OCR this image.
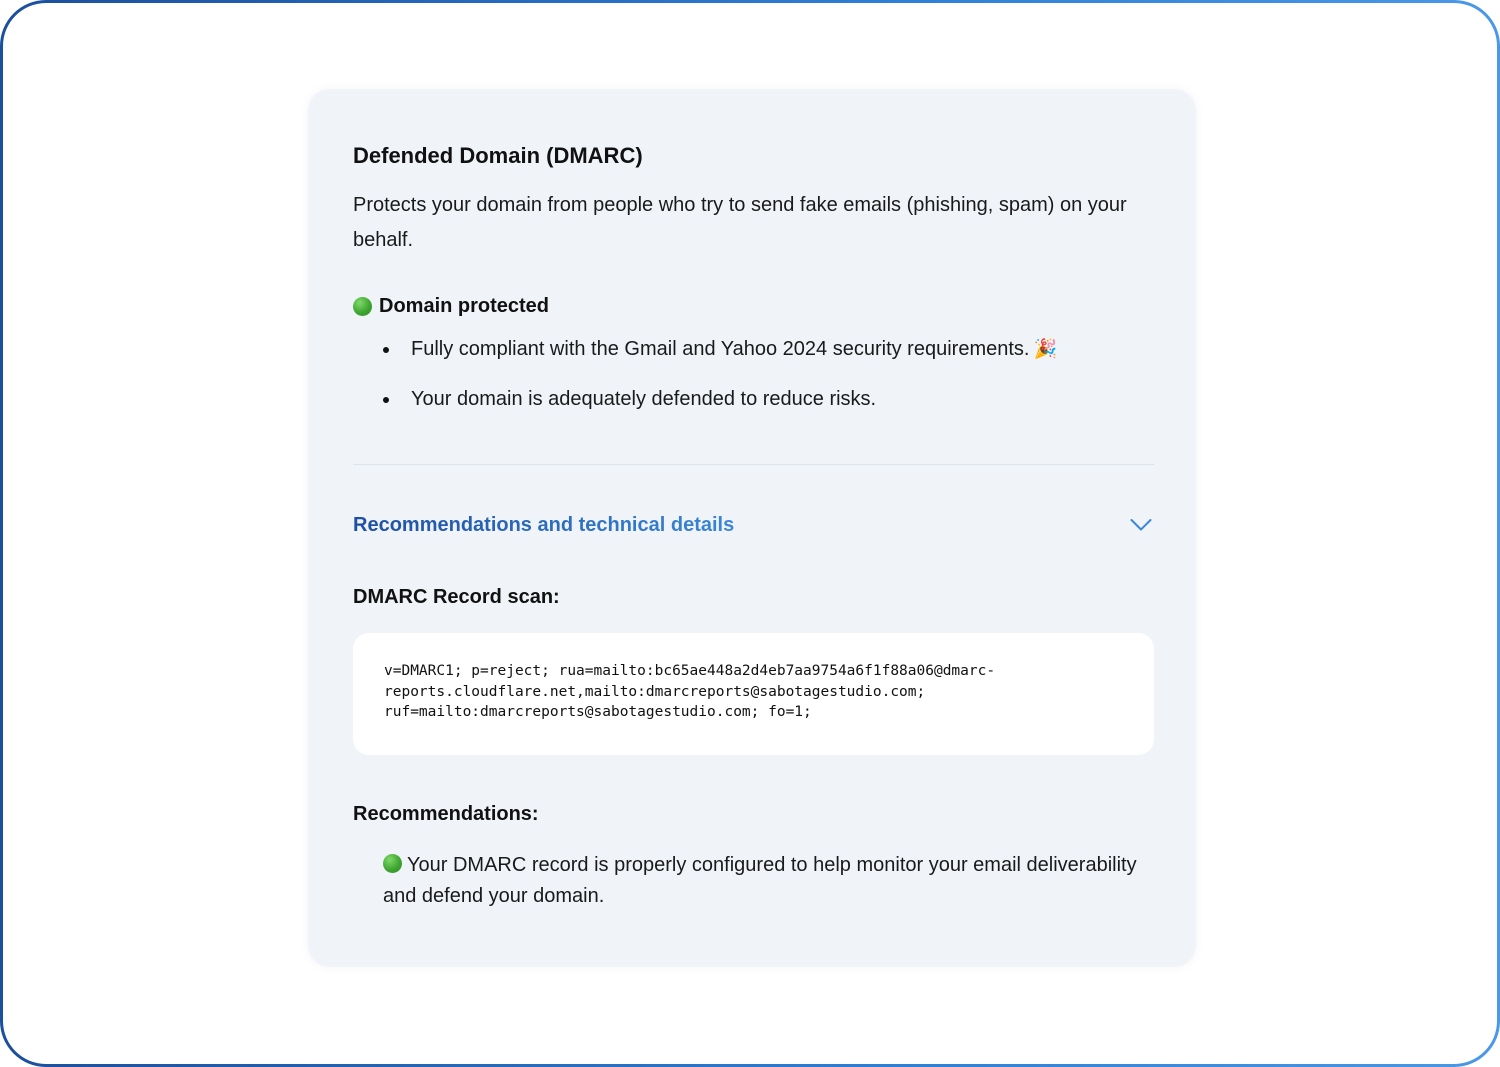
Defended Domain (DMARC)

Protects your domain from people who try to send fake emails (phishing, spam) on your behalf.

Domain protected
Fully compliant with the Gmail and Yahoo 2024 security requirements. 🎉
Your domain is adequately defended to reduce risks.
Recommendations and technical details
DMARC Record scan:
v=DMARC1; p=reject; rua=mailto:bc65ae448a2d4eb7aa9754a6f1f88a06@dmarc-reports.cloudflare.net,mailto:dmarcreports@sabotagestudio.com; ruf=mailto:dmarcreports@sabotagestudio.com; fo=1;
Recommendations:

Your DMARC record is properly configured to help monitor your email deliverability and defend your domain.
